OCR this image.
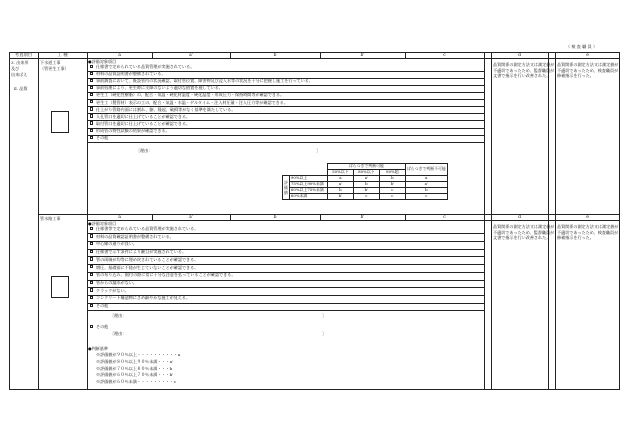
（ 検 査 職 員 ）
考査項目	工 種	a	a'	b	b'	c	d	e
3. 出来形
及び
出来ばえ
Ⅱ. 品質
下水道工事
（管更生工事）
●評価対象項目
仕様書で定められている品質管理が実施されている。
材料の品質証明書が整備されている。
事前調査において、既設管内の状況確認、取付管位置、障害物及び浸入水等の状況を十分に把握し施工を行っている。
事前処理により、更生時に支障のないよう適切な措置を施している。
更生工（硬化性樹脂）の、配合・気温・硬化材温度・硬化温度・形成圧力・保持時間等が確認できる。
更生工（製管材）表示の工の、配合・気温・水温・ゲルタイム・注入材圧量・注入圧力等が確認できる。
仕上がり管路内面には割れ、膨、隆起、破損等がなく基準を満たしている。
人孔管口を適切に仕上げていることが確認できる。
取付管口を適切に仕上げていることが確認できる。
形成管の物性試験の結果が確認できる。
その他
［理由：	］
品質関係の測定方法又は測定値が不適切であったため、監督職員が文書で指示を行い改善された。
品質関係の測定方法又は測定値が不適切であったため、検査職員が修補指示を行った。
		ばらつきで判断可能			ばらつきで判断不可能
		50%以下	80%以下	80%超	
評価値	90%以上	a	a'	b	a
	75%以上90%未満	a'	b	b'	a'
	60%以上75%未満	b	b'	c	b
	60%未満	b'	c	c	c
a	a'	b	b'	c	d	e
管水路工事
●評価対象項目
仕様書等で定められている品質管理が実施されている。
材料の品質確認証明書が整備されている。
中心線の通りが良い。
仕様書で示す条件により継目が実施されている。
管の両端が均等に埋め戻されていることが確認できる。
増圧、基礎面に不陸が生じていないことが確認できる。
管の布り込み、据付の際に常に十分な注意を払っていることが確認できる。
管からの漏水がない。
クラックがない。
コンクリート構造物にさめ細やかな施工が見える。
その他
その他
［理由：	］
［理由：	］
●判断基準
※評価値が９０％以上・・・・・・・・・・a
※評価値が８０％以上９０％未満・・・a'
※評価値が７０％以上８０％未満・・・b
※評価値が６０％以上７０％未満・・・b'
※評価値が６０％未満・・・・・・・・・c
品質関係の測定方法又は測定値が不適切であったため、監督職員が文書で指示を行い改善された。
品質関係の測定方法又は測定値が不適切であったため、検査職員が修補指示を行った。
